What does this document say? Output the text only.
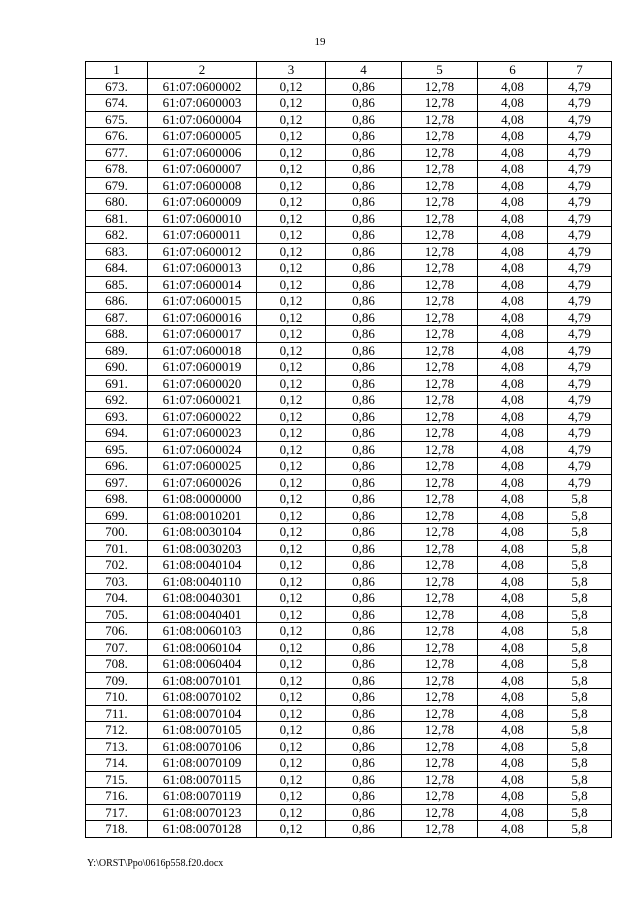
19
1	2	3	4	5	6	7
673.	61:07:0600002	0,12	0,86	12,78	4,08	4,79
674.	61:07:0600003	0,12	0,86	12,78	4,08	4,79
675.	61:07:0600004	0,12	0,86	12,78	4,08	4,79
676.	61:07:0600005	0,12	0,86	12,78	4,08	4,79
677.	61:07:0600006	0,12	0,86	12,78	4,08	4,79
678.	61:07:0600007	0,12	0,86	12,78	4,08	4,79
679.	61:07:0600008	0,12	0,86	12,78	4,08	4,79
680.	61:07:0600009	0,12	0,86	12,78	4,08	4,79
681.	61:07:0600010	0,12	0,86	12,78	4,08	4,79
682.	61:07:0600011	0,12	0,86	12,78	4,08	4,79
683.	61:07:0600012	0,12	0,86	12,78	4,08	4,79
684.	61:07:0600013	0,12	0,86	12,78	4,08	4,79
685.	61:07:0600014	0,12	0,86	12,78	4,08	4,79
686.	61:07:0600015	0,12	0,86	12,78	4,08	4,79
687.	61:07:0600016	0,12	0,86	12,78	4,08	4,79
688.	61:07:0600017	0,12	0,86	12,78	4,08	4,79
689.	61:07:0600018	0,12	0,86	12,78	4,08	4,79
690.	61:07:0600019	0,12	0,86	12,78	4,08	4,79
691.	61:07:0600020	0,12	0,86	12,78	4,08	4,79
692.	61:07:0600021	0,12	0,86	12,78	4,08	4,79
693.	61:07:0600022	0,12	0,86	12,78	4,08	4,79
694.	61:07:0600023	0,12	0,86	12,78	4,08	4,79
695.	61:07:0600024	0,12	0,86	12,78	4,08	4,79
696.	61:07:0600025	0,12	0,86	12,78	4,08	4,79
697.	61:07:0600026	0,12	0,86	12,78	4,08	4,79
698.	61:08:0000000	0,12	0,86	12,78	4,08	5,8
699.	61:08:0010201	0,12	0,86	12,78	4,08	5,8
700.	61:08:0030104	0,12	0,86	12,78	4,08	5,8
701.	61:08:0030203	0,12	0,86	12,78	4,08	5,8
702.	61:08:0040104	0,12	0,86	12,78	4,08	5,8
703.	61:08:0040110	0,12	0,86	12,78	4,08	5,8
704.	61:08:0040301	0,12	0,86	12,78	4,08	5,8
705.	61:08:0040401	0,12	0,86	12,78	4,08	5,8
706.	61:08:0060103	0,12	0,86	12,78	4,08	5,8
707.	61:08:0060104	0,12	0,86	12,78	4,08	5,8
708.	61:08:0060404	0,12	0,86	12,78	4,08	5,8
709.	61:08:0070101	0,12	0,86	12,78	4,08	5,8
710.	61:08:0070102	0,12	0,86	12,78	4,08	5,8
711.	61:08:0070104	0,12	0,86	12,78	4,08	5,8
712.	61:08:0070105	0,12	0,86	12,78	4,08	5,8
713.	61:08:0070106	0,12	0,86	12,78	4,08	5,8
714.	61:08:0070109	0,12	0,86	12,78	4,08	5,8
715.	61:08:0070115	0,12	0,86	12,78	4,08	5,8
716.	61:08:0070119	0,12	0,86	12,78	4,08	5,8
717.	61:08:0070123	0,12	0,86	12,78	4,08	5,8
718.	61:08:0070128	0,12	0,86	12,78	4,08	5,8
Y:\ORST\Ppo\0616p558.f20.docx
